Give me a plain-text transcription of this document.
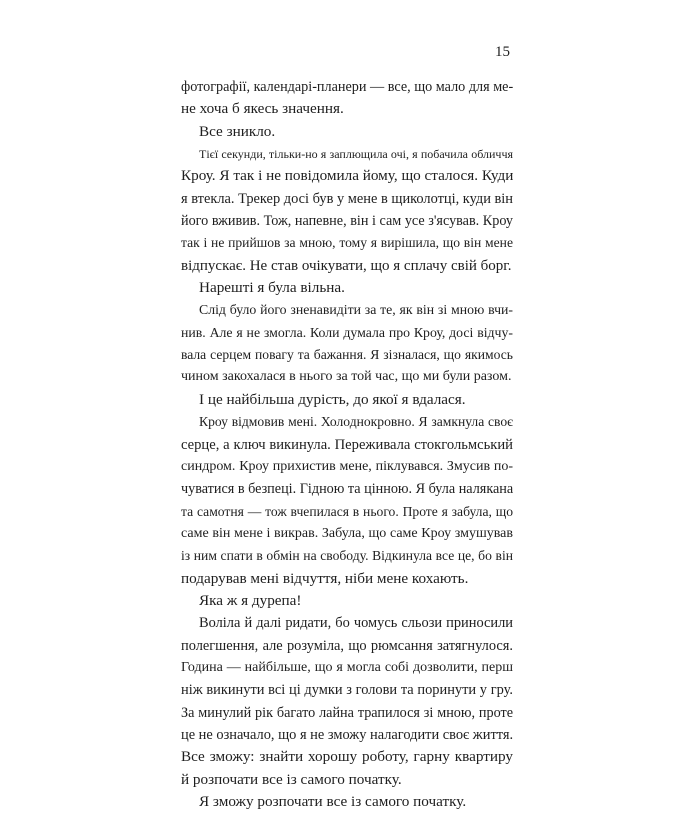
15
фотографії, календарі-планери — все, що мало для ме-
не хоча б якесь значення.
Все зникло.
Тієї секунди, тільки-но я заплющила очі, я побачила обличчя
Кроу. Я так і не повідомила йому, що сталося. Куди
я втекла. Трекер досі був у мене в щиколотці, куди він
його вживив. Тож, напевне, він і сам усе з'ясував. Кроу
так і не прийшов за мною, тому я вирішила, що він мене
відпускає. Не став очікувати, що я сплачу свій борг.
Нарешті я була вільна.
Слід було його зненавидіти за те, як він зі мною вчи-
нив. Але я не змогла. Коли думала про Кроу, досі відчу-
вала серцем повагу та бажання. Я зізналася, що якимось
чином закохалася в нього за той час, що ми були разом.
І це найбільша дурість, до якої я вдалася.
Кроу відмовив мені. Холоднокровно. Я замкнула своє
серце, а ключ викинула. Переживала стокгольмський
синдром. Кроу прихистив мене, піклувався. Змусив по-
чуватися в безпеці. Гідною та цінною. Я була налякана
та самотня — тож вчепилася в нього. Проте я забула, що
саме він мене і викрав. Забула, що саме Кроу змушував
із ним спати в обмін на свободу. Відкинула все це, бо він
подарував мені відчуття, ніби мене кохають.
Яка ж я дурепа!
Воліла й далі ридати, бо чомусь сльози приносили
полегшення, але розуміла, що рюмсання затягнулося.
Година — найбільше, що я могла собі дозволити, перш
ніж викинути всі ці думки з голови та поринути у гру.
За минулий рік багато лайна трапилося зі мною, проте
це не означало, що я не зможу налагодити своє життя.
Все зможу: знайти хорошу роботу, гарну квартиру
й розпочати все із самого початку.
Я зможу розпочати все із самого початку.
